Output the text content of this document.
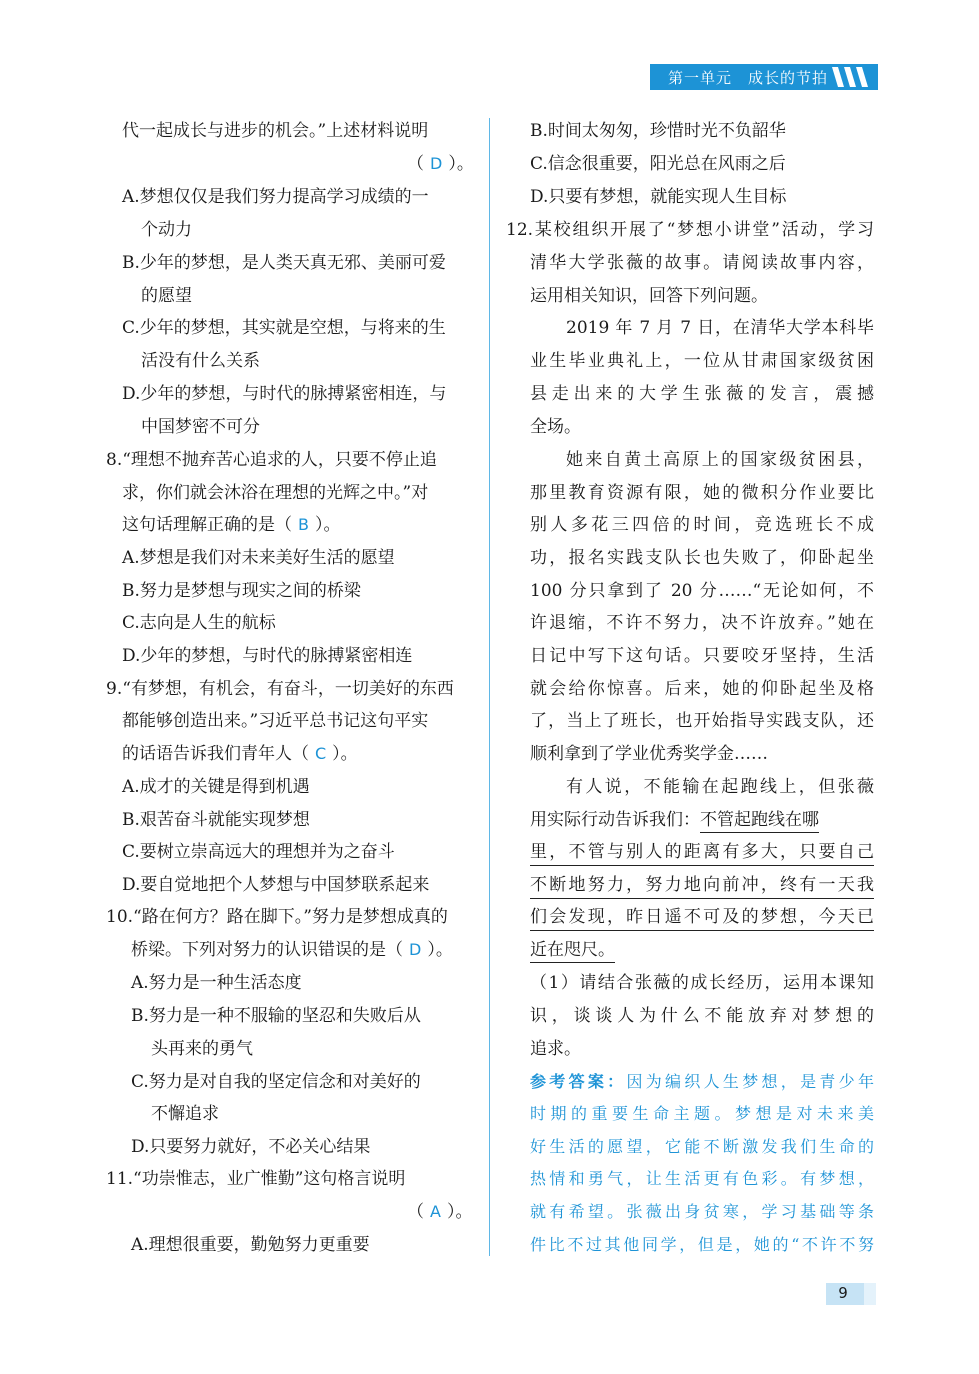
第一单元　成长的节拍
代一起成长与进步的机会。”上述材料说明
（ D ）。
A.梦想仅仅是我们努力提高学习成绩的一
个动力
B.少年的梦想，是人类天真无邪、美丽可爱
的愿望
C.少年的梦想，其实就是空想，与将来的生
活没有什么关系
D.少年的梦想，与时代的脉搏紧密相连，与
中国梦密不可分
8.“理想不抛弃苦心追求的人，只要不停止追
求，你们就会沐浴在理想的光辉之中。”对
这句话理解正确的是（ B ）。
A.梦想是我们对未来美好生活的愿望
B.努力是梦想与现实之间的桥梁
C.志向是人生的航标
D.少年的梦想，与时代的脉搏紧密相连
9.“有梦想，有机会，有奋斗，一切美好的东西
都能够创造出来。”习近平总书记这句平实
的话语告诉我们青年人（ C ）。
A.成才的关键是得到机遇
B.艰苦奋斗就能实现梦想
C.要树立崇高远大的理想并为之奋斗
D.要自觉地把个人梦想与中国梦联系起来
10.“路在何方？路在脚下。”努力是梦想成真的
桥梁。下列对努力的认识错误的是（ D ）。
A.努力是一种生活态度
B.努力是一种不服输的坚忍和失败后从
头再来的勇气
C.努力是对自我的坚定信念和对美好的
不懈追求
D.只要努力就好，不必关心结果
11.“功崇惟志，业广惟勤”这句格言说明
（ A ）。
A.理想很重要，勤勉努力更重要
B.时间太匆匆，珍惜时光不负韶华
C.信念很重要，阳光总在风雨之后
D.只要有梦想，就能实现人生目标
12.某校组织开展了“梦想小讲堂”活动，学习
清华大学张薇的故事。请阅读故事内容，
运用相关知识，回答下列问题。
2019 年 7 月 7 日，在清华大学本科毕
业生毕业典礼上，一位从甘肃国家级贫困
县走出来的大学生张薇的发言，震撼
全场。
她来自黄土高原上的国家级贫困县，
那里教育资源有限，她的微积分作业要比
别人多花三四倍的时间，竞选班长不成
功，报名实践支队长也失败了，仰卧起坐
100 分只拿到了 20 分……“无论如何，不
许退缩，不许不努力，决不许放弃。”她在
日记中写下这句话。只要咬牙坚持，生活
就会给你惊喜。后来，她的仰卧起坐及格
了，当上了班长，也开始指导实践支队，还
顺利拿到了学业优秀奖学金……
有人说，不能输在起跑线上，但张薇
用实际行动告诉我们：不管起跑线在哪
里，不管与别人的距离有多大，只要自己
不断地努力，努力地向前冲，终有一天我
们会发现，昨日遥不可及的梦想，今天已
近在咫尺。
（1）请结合张薇的成长经历，运用本课知
识，谈谈人为什么不能放弃对梦想的
追求。
参考答案：因为编织人生梦想，是青少年
时期的重要生命主题。梦想是对未来美
好生活的愿望，它能不断激发我们生命的
热情和勇气，让生活更有色彩。有梦想，
就有希望。张薇出身贫寒，学习基础等条
件比不过其他同学，但是，她的“不许不努
9
